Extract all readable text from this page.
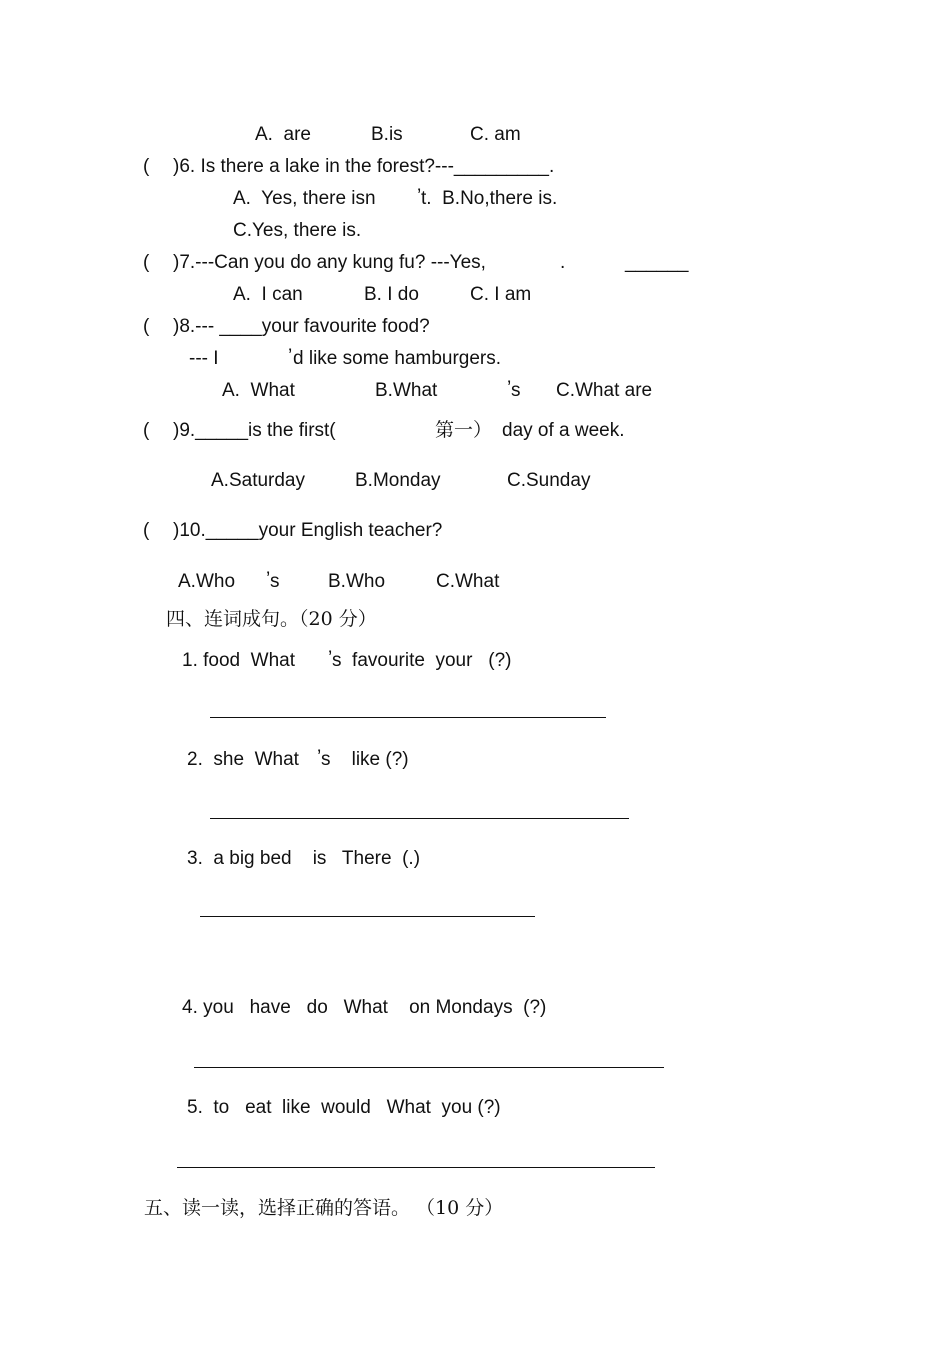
A.  are	B.is	C. am
( )6. Is there a lake in the forest?---_________.
A.  Yes, there isn ’ t.  B.No,there is.
C.Yes, there is.
( )7.---Can you do any kung fu? ---Yes,	.	______
A.  I can	B. I do	C. I am
( )8.--- ____your favourite food?
--- I	’ d like some hamburgers.
A.  What	B.What	’ s C.What are
( )9._____is the first(	第一） day of a week.
A.Saturday	B.Monday	C.Sunday
( )10._____your English teacher?
A.Who ’ s	B.Who	C.What
四、连词成句。（20 分）
1. food  What ’ s  favourite  your   (?)
2.  she  What ’ s    like (?)
3.  a big bed    is   There  (.)
4. you   have   do   What    on Mondays  (?)
5.  to   eat  like  would   What  you (?)
五、读一读，选择正确的答语。 （10 分）
